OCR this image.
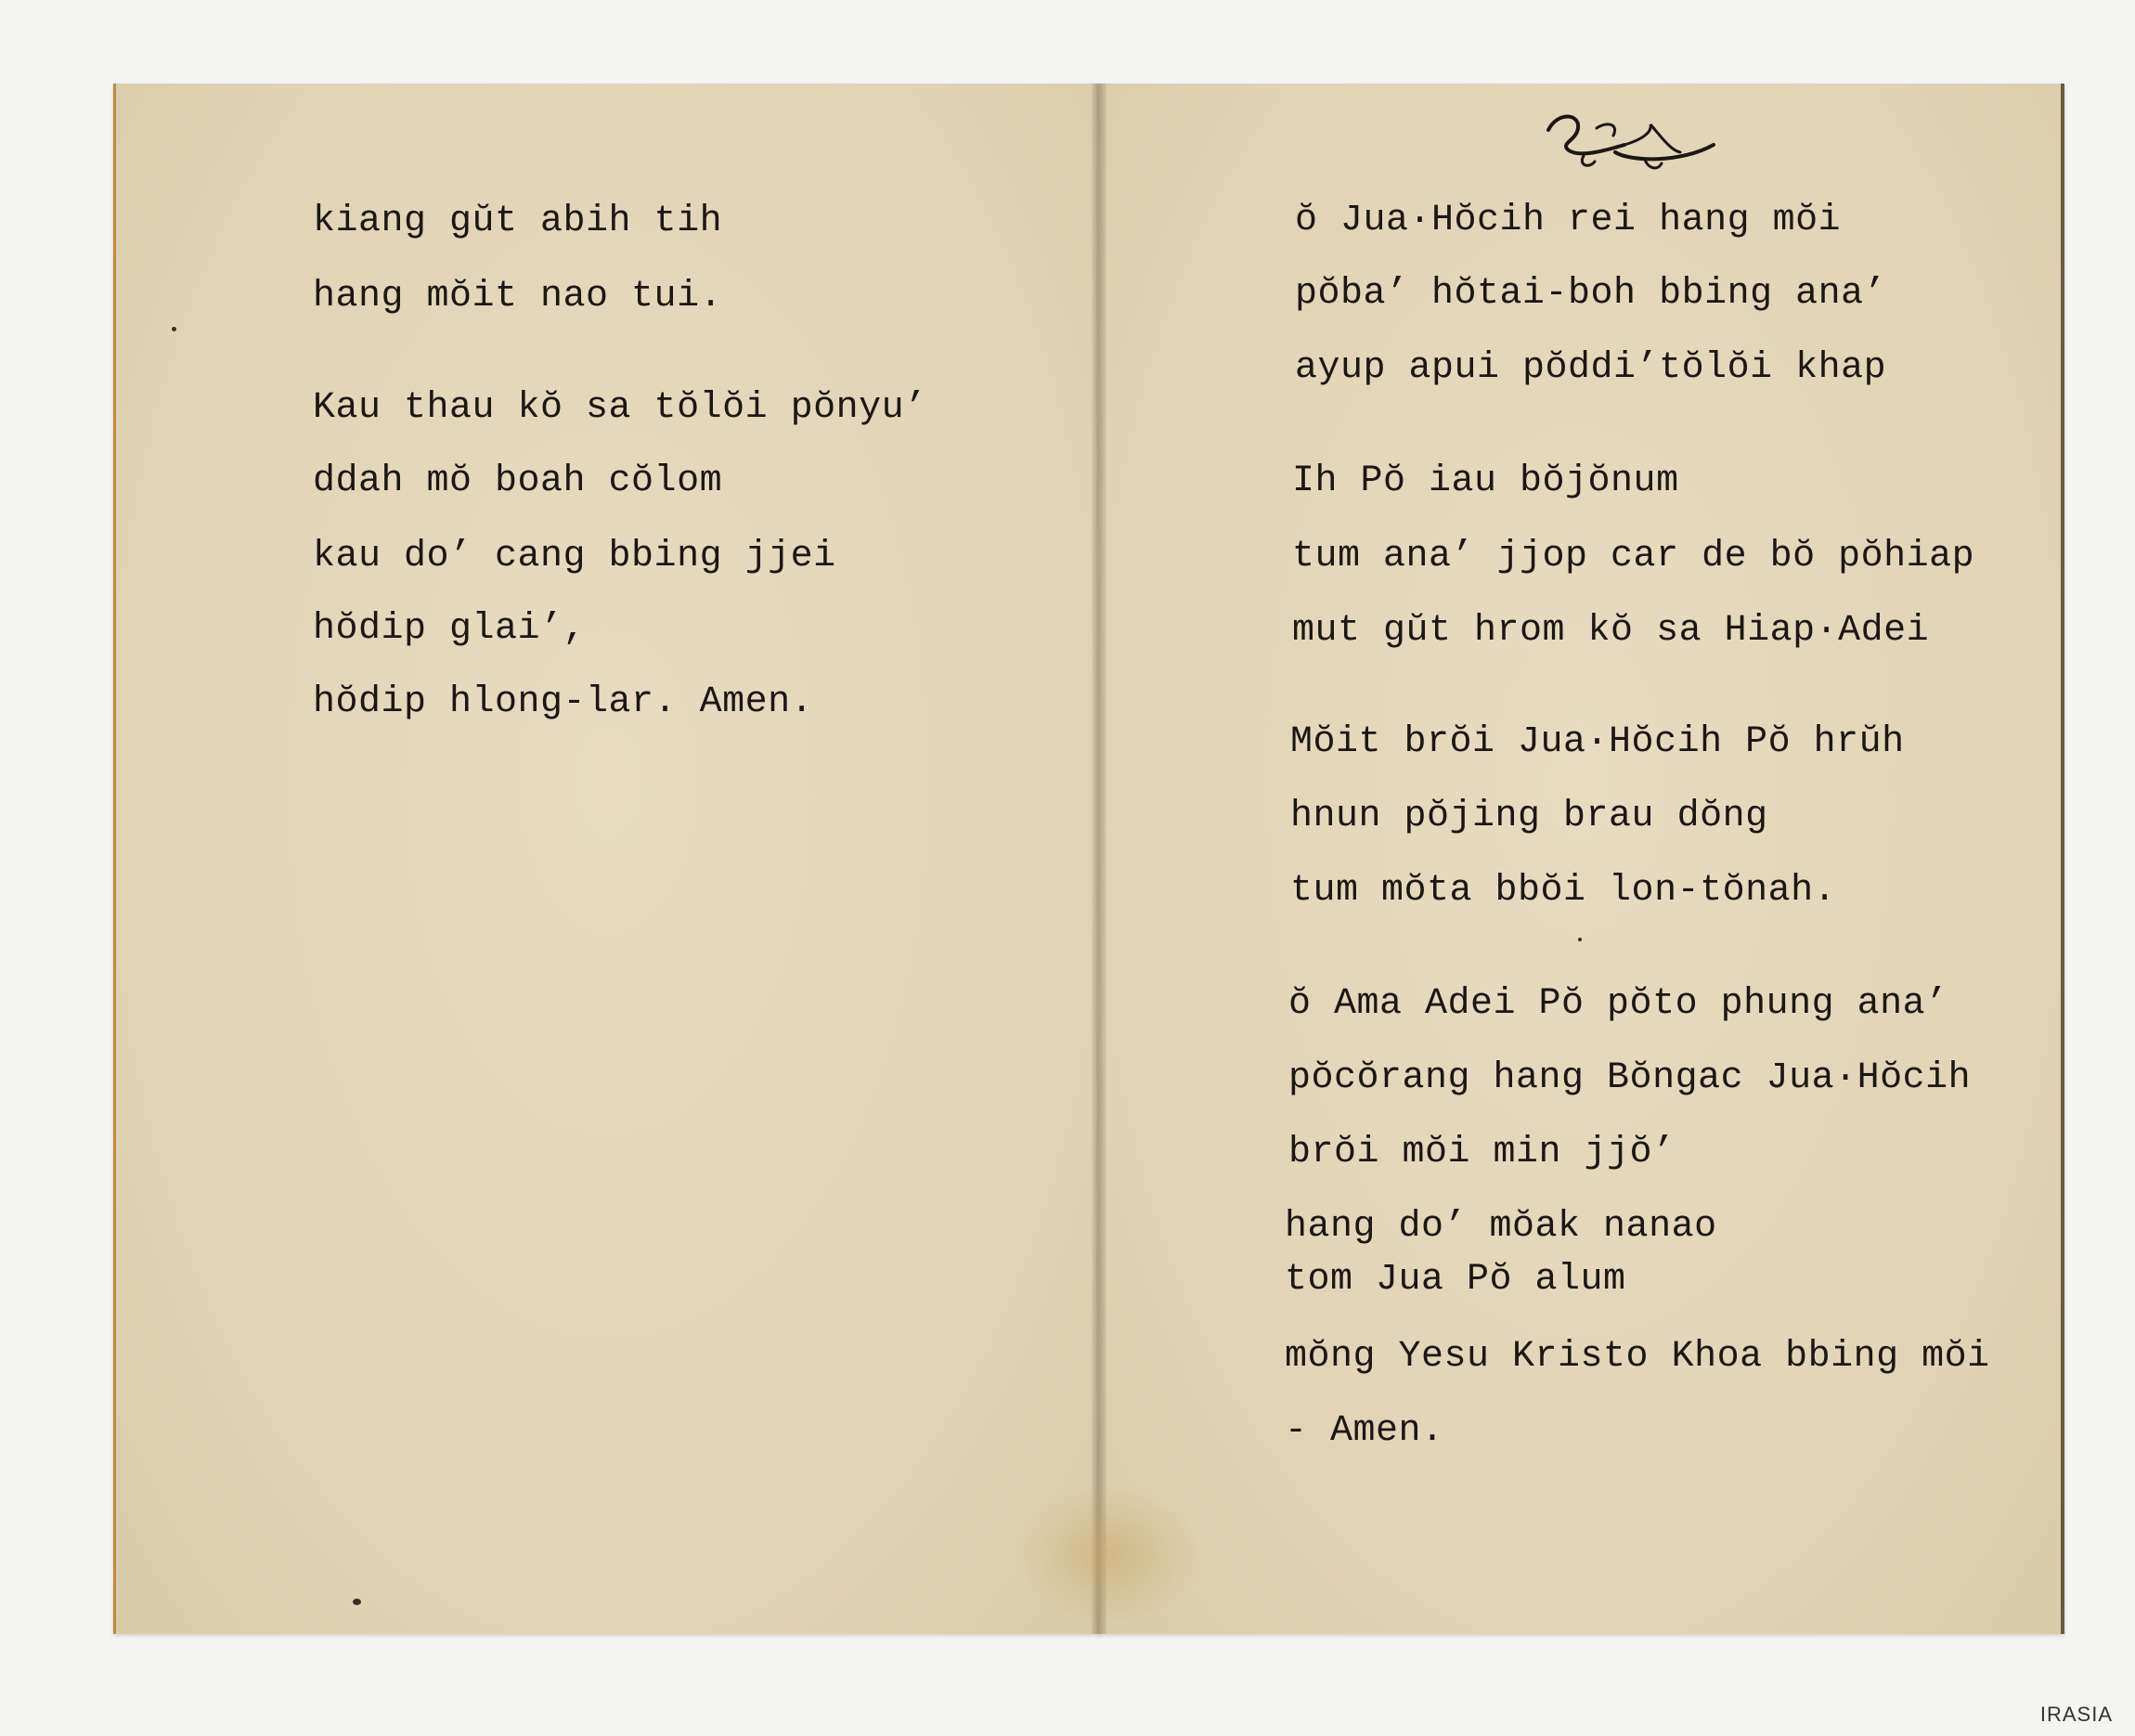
kiang gŭt abih tih

hang mŏit nao tui.

Kau thau kŏ sa tŏlŏi pŏnyu’

ddah mŏ boah cŏlom

kau do’ cang bbing jjei

hŏdip glai’,

hŏdip hlong-lar. Amen.

ŏ Jua·Hŏcih rei hang mŏi

pŏba’ hŏtai-boh bbing ana’

ayup apui pŏddi’tŏlŏi khap

Ih Pŏ iau bŏjŏnum

tum ana’ jjop car de bŏ pŏhiap

mut gŭt hrom kŏ sa Hiap·Adei

Mŏit brŏi Jua·Hŏcih Pŏ hrŭh

hnun pŏjing brau dŏng

tum mŏta bbŏi lon-tŏnah.

ŏ Ama Adei Pŏ pŏto phung ana’

pŏcŏrang hang Bŏngac Jua·Hŏcih

brŏi mŏi min jjŏ’

hang do’ mŏak nanao

tom Jua Pŏ alum

mŏng Yesu Kristo Khoa bbing mŏi

- Amen.

IRASIA
